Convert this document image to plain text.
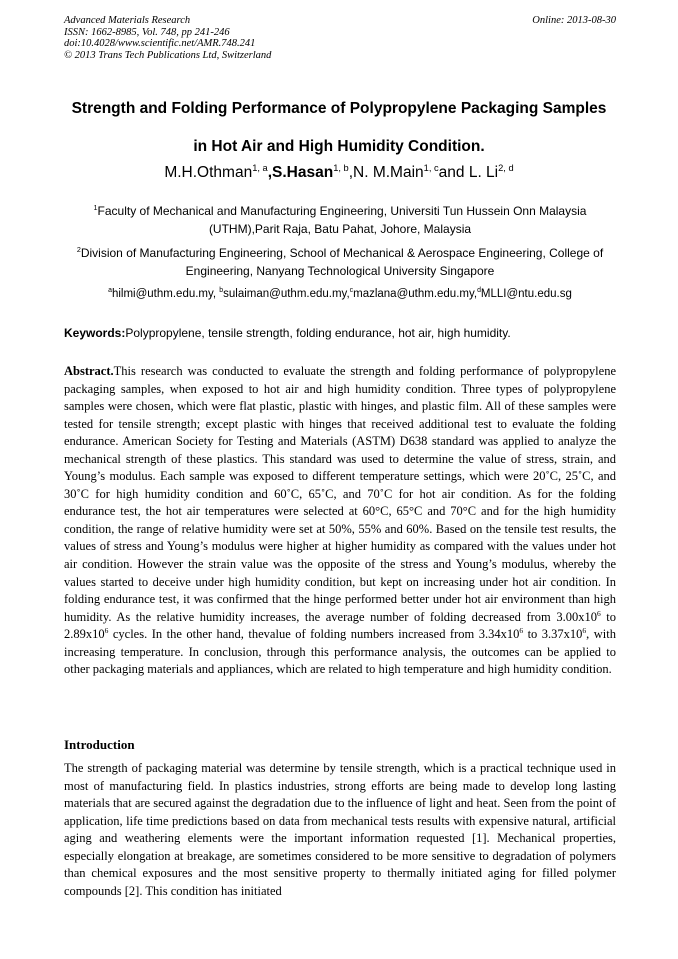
Advanced Materials Research
ISSN: 1662-8985, Vol. 748, pp 241-246
doi:10.4028/www.scientific.net/AMR.748.241
© 2013 Trans Tech Publications Ltd, Switzerland
Online: 2013-08-30
Strength and Folding Performance of Polypropylene Packaging Samples
in Hot Air and High Humidity Condition.
M.H.Othman$^{1, a}$,S.Hasan$^{1, b}$,N. M.Main$^{1, c}$and L. Li$^{2, d}$
$^1$Faculty of Mechanical and Manufacturing Engineering, Universiti Tun Hussein Onn Malaysia (UTHM),Parit Raja, Batu Pahat, Johore, Malaysia
$^2$Division of Manufacturing Engineering, School of Mechanical & Aerospace Engineering, College of Engineering, Nanyang Technological University Singapore
$^a$hilmi@uthm.edu.my, $^b$sulaiman@uthm.edu.my,$^c$mazlana@uthm.edu.my,$^d$MLLI@ntu.edu.sg
Keywords:Polypropylene, tensile strength, folding endurance, hot air, high humidity.
Abstract.This research was conducted to evaluate the strength and folding performance of polypropylene packaging samples, when exposed to hot air and high humidity condition. Three types of polypropylene samples were chosen, which were flat plastic, plastic with hinges, and plastic film. All of these samples were tested for tensile strength; except plastic with hinges that received additional test to evaluate the folding endurance. American Society for Testing and Materials (ASTM) D638 standard was applied to analyze the mechanical strength of these plastics. This standard was used to determine the value of stress, strain, and Young’s modulus. Each sample was exposed to different temperature settings, which were 20˚C, 25˚C, and 30˚C for high humidity condition and 60˚C, 65˚C, and 70˚C for hot air condition. As for the folding endurance test, the hot air temperatures were selected at 60°C, 65°C and 70°C and for the high humidity condition, the range of relative humidity were set at 50%, 55% and 60%. Based on the tensile test results, the values of stress and Young’s modulus were higher at higher humidity as compared with the values under hot air condition. However the strain value was the opposite of the stress and Young’s modulus, whereby the values started to deceive under high humidity condition, but kept on increasing under hot air condition. In folding endurance test, it was confirmed that the hinge performed better under hot air environment than high humidity. As the relative humidity increases, the average number of folding decreased from $3.00x10^6$ to $2.89x10^6$ cycles. In the other hand, thevalue of folding numbers increased from $3.34x10^6$ to $3.37x10^6$, with increasing temperature. In conclusion, through this performance analysis, the outcomes can be applied to other packaging materials and appliances, which are related to high temperature and high humidity condition.
Introduction
The strength of packaging material was determine by tensile strength, which is a practical technique used in most of manufacturing field. In plastics industries, strong efforts are being made to develop long lasting materials that are secured against the degradation due to the influence of light and heat. Seen from the point of application, life time predictions based on data from mechanical tests results with expensive natural, artificial aging and weathering elements were the important information requested [1]. Mechanical properties, especially elongation at breakage, are sometimes considered to be more sensitive to degradation of polymers than chemical exposures and the most sensitive property to thermally initiated aging for filled polymer compounds [2]. This condition has initiated
